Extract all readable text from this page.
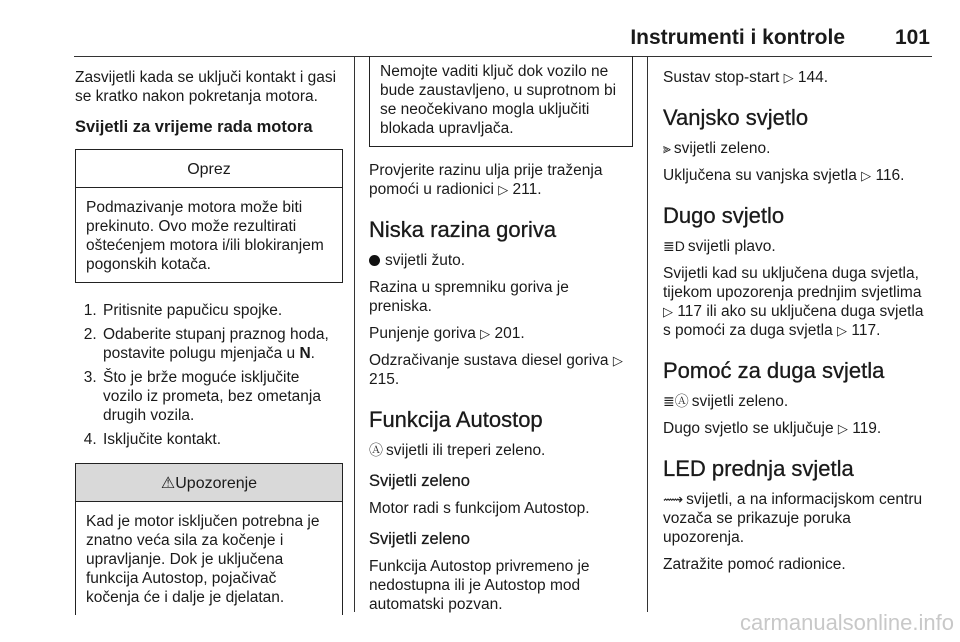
Instrumenti i kontrole 101

Zasvijetli kada se uključi kontakt i gasi se kratko nakon pokretanja motora.

Svijetli za vrijeme rada motora
Oprez
Podmazivanje motora može biti prekinuto. Ovo može rezultirati oštećenjem motora i/ili blokiranjem pogonskih kotača.
1. Pritisnite papučicu spojke.
2. Odaberite stupanj praznog hoda, postavite polugu mjenjača u N.
3. Što je brže moguće isključite vozilo iz prometa, bez ometanja drugih vozila.
4. Isključite kontakt.
⚠Upozorenje
Kad je motor isključen potrebna je znatno veća sila za kočenje i upravljanje. Dok je uključena funkcija Autostop, pojačivač kočenja će i dalje je djelatan.
Nemojte vaditi ključ dok vozilo ne bude zaustavljeno, u suprotnom bi se neočekivano mogla uključiti blokada upravljača.

Provjerite razinu ulja prije traženja pomoći u radionici ▷ 211.

Niska razina goriva

svijetli žuto.

Razina u spremniku goriva je preniska.

Punjenje goriva ▷ 201.

Odzračivanje sustava diesel goriva ▷ 215.

Funkcija Autostop

Ⓐ svijetli ili treperi zeleno.

Svijetli zeleno

Motor radi s funkcijom Autostop.

Svijetli zeleno

Funkcija Autostop privremeno je nedostupna ili je Autostop mod automatski pozvan.

Sustav stop-start ▷ 144.

Vanjsko svjetlo

⫸ svijetli zeleno.

Uključena su vanjska svjetla ▷ 116.

Dugo svjetlo

≣D svijetli plavo.

Svijetli kad su uključena duga svjetla, tijekom upozorenja prednjim svjetlima ▷ 117 ili ako su uključena duga svjetla s pomoći za duga svjetla ▷ 117.

Pomoć za duga svjetla

≣Ⓐ svijetli zeleno.

Dugo svjetlo se uključuje ▷ 119.

LED prednja svjetla

⟿ svijetli, a na informacijskom centru vozača se prikazuje poruka upozorenja.

Zatražite pomoć radionice.

carmanualsonline.info
